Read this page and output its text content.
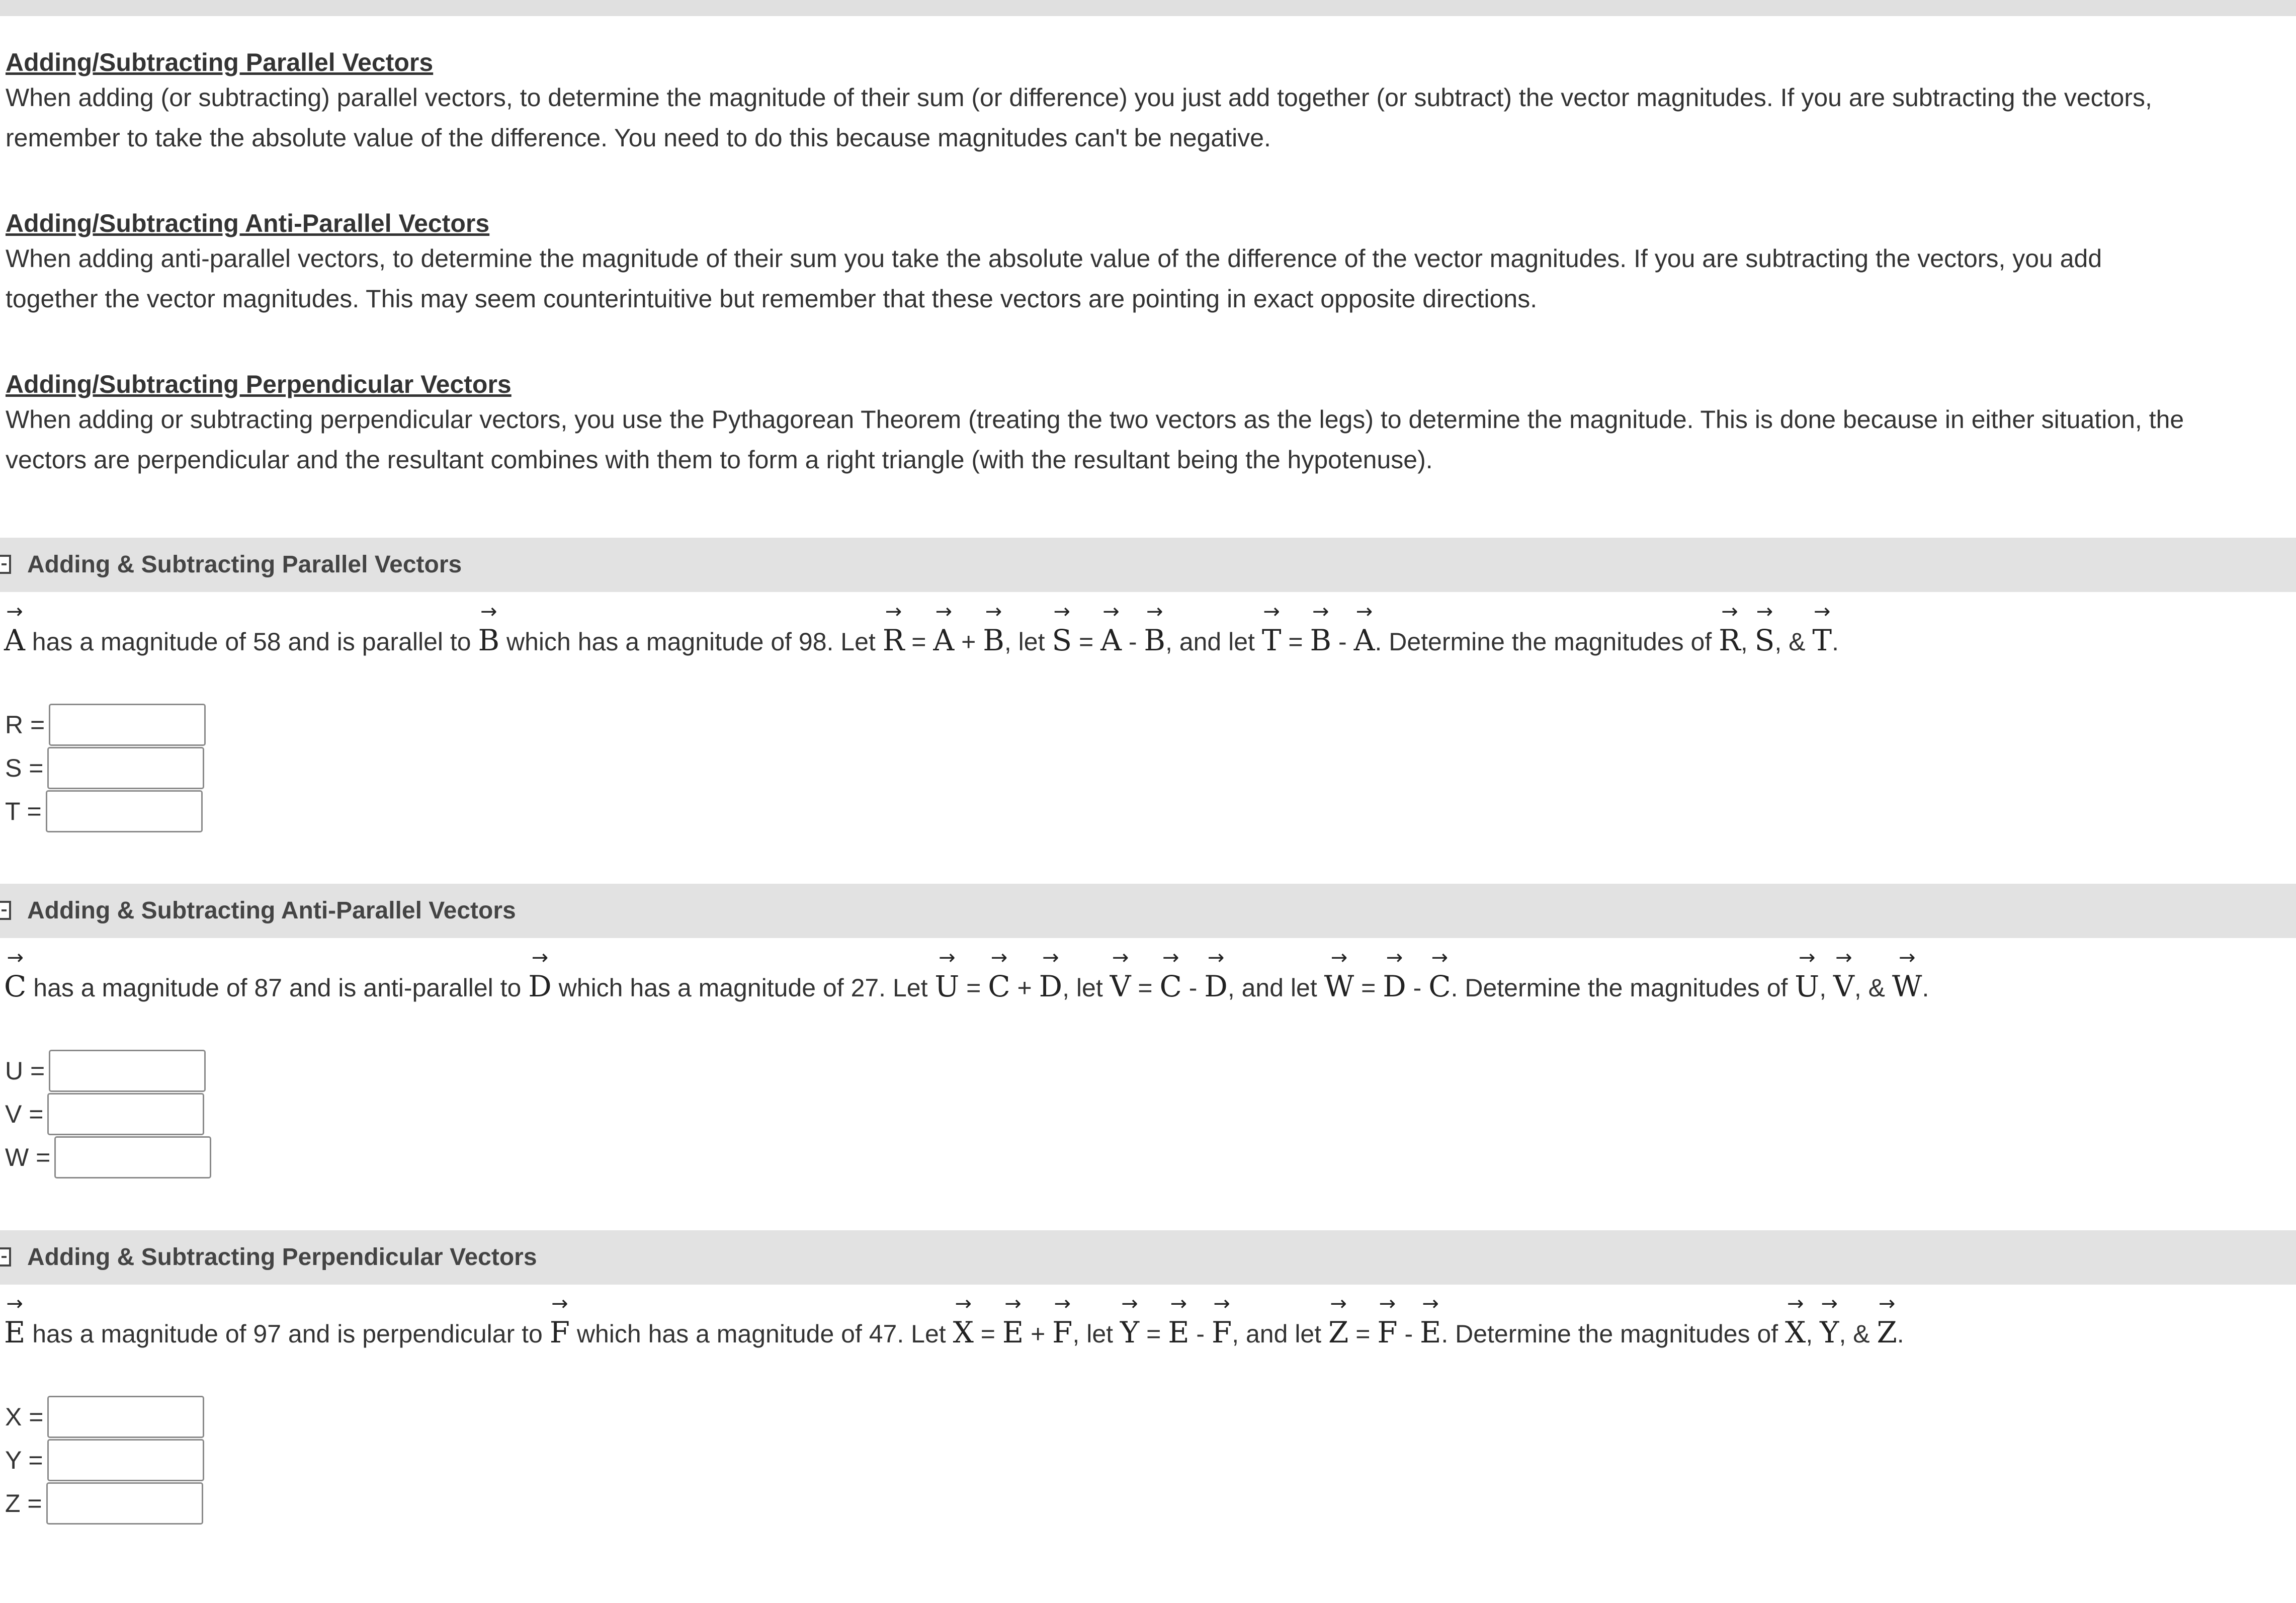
Adding/Subtracting Parallel Vectors

When adding (or subtracting) parallel vectors, to determine the magnitude of their sum (or difference) you just add together (or subtract) the vector magnitudes. If you are subtracting the vectors,

remember to take the absolute value of the difference. You need to do this because magnitudes can't be negative.

Adding/Subtracting Anti-Parallel Vectors

When adding anti-parallel vectors, to determine the magnitude of their sum you take the absolute value of the difference of the vector magnitudes. If you are subtracting the vectors, you add

together the vector magnitudes. This may seem counterintuitive but remember that these vectors are pointing in exact opposite directions.

Adding/Subtracting Perpendicular Vectors

When adding or subtracting perpendicular vectors, you use the Pythagorean Theorem (treating the two vectors as the legs) to determine the magnitude. This is done because in either situation, the

vectors are perpendicular and the resultant combines with them to form a right triangle (with the resultant being the hypotenuse).

Adding & Subtracting Parallel Vectors
→ A has a magnitude of 58 and is parallel to → B which has a magnitude of 98. Let → R = → A + → B, let → S = → A - → B, and let → T = → B - → A. Determine the magnitudes of → R, → S, & → T.
R =
S =
T =
Adding & Subtracting Anti-Parallel Vectors
→ C has a magnitude of 87 and is anti-parallel to → D which has a magnitude of 27. Let → U = → C + → D, let → V = → C - → D, and let → W = → D - → C. Determine the magnitudes of → U, → V, & → W.
U =
V =
W =
Adding & Subtracting Perpendicular Vectors
→ E has a magnitude of 97 and is perpendicular to → F which has a magnitude of 47. Let → X = → E + → F, let → Y = → E - → F, and let → Z = → F - → E. Determine the magnitudes of → X, → Y, & → Z.
X =
Y =
Z =
